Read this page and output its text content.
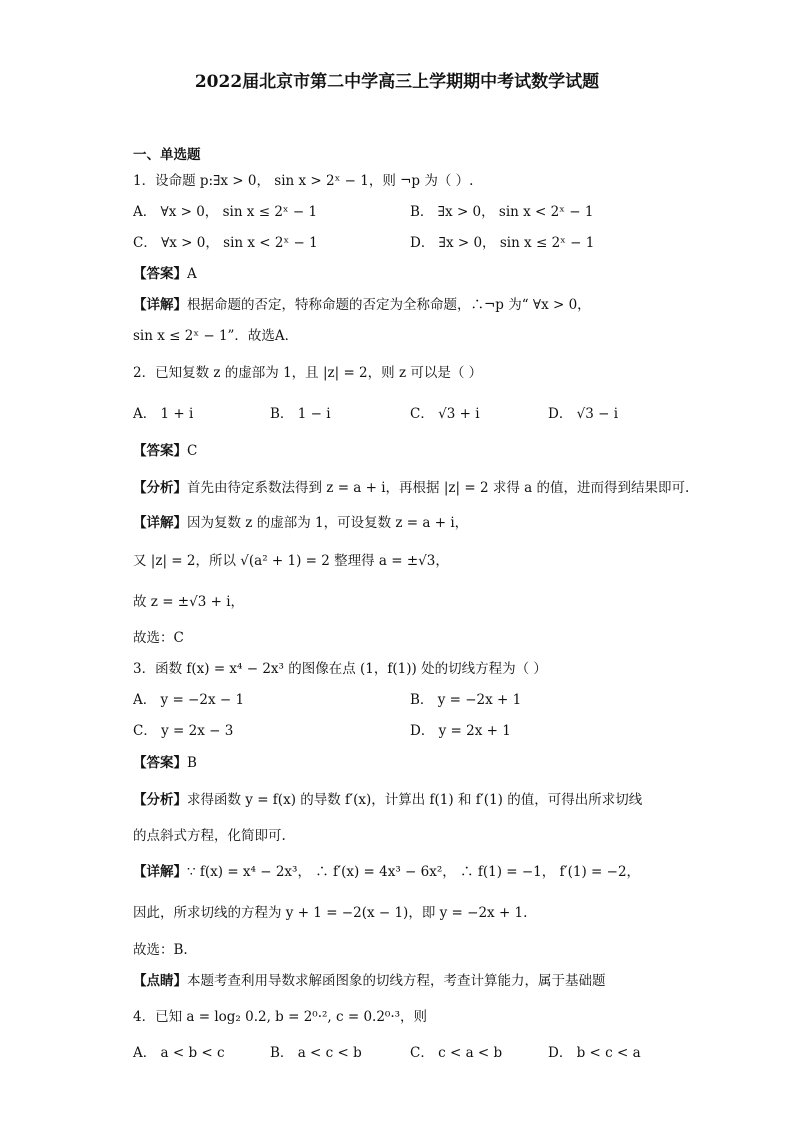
2022届北京市第二中学高三上学期期中考试数学试题
一、单选题
1．设命题 p:∃x > 0， sin x > 2ˣ − 1，则 ¬p 为（ ）.
A． ∀x > 0， sin x ≤ 2ˣ − 1	B． ∃x > 0， sin x < 2ˣ − 1
C． ∀x > 0， sin x < 2ˣ − 1	D． ∃x > 0， sin x ≤ 2ˣ − 1
【答案】A
【详解】根据命题的否定，特称命题的否定为全称命题，∴¬p 为“ ∀x > 0，
sin x ≤ 2ˣ − 1”．故选A．
2．已知复数 z 的虚部为 1，且 |z| = 2，则 z 可以是（ ）
A． 1 + i	B． 1 − i	C． √3 + i	D． √3 − i
【答案】C
【分析】首先由待定系数法得到 z = a + i，再根据 |z| = 2 求得 a 的值，进而得到结果即可.
【详解】因为复数 z 的虚部为 1，可设复数 z = a + i，
又 |z| = 2，所以 √(a² + 1) = 2 整理得 a = ±√3，
故 z = ±√3 + i，
故选：C
3．函数 f(x) = x⁴ − 2x³ 的图像在点 (1，f(1)) 处的切线方程为（ ）
A． y = −2x − 1	B． y = −2x + 1
C． y = 2x − 3	D． y = 2x + 1
【答案】B
【分析】求得函数 y = f(x) 的导数 f′(x)，计算出 f(1) 和 f′(1) 的值，可得出所求切线
的点斜式方程，化简即可.
【详解】∵ f(x) = x⁴ − 2x³， ∴ f′(x) = 4x³ − 6x²， ∴ f(1) = −1， f′(1) = −2，
因此，所求切线的方程为 y + 1 = −2(x − 1)，即 y = −2x + 1.
故选：B.
【点睛】本题考查利用导数求解函图象的切线方程，考查计算能力，属于基础题
4．已知 a = log₂ 0.2, b = 2⁰·², c = 0.2⁰·³，则
A． a < b < c	B． a < c < b	C． c < a < b	D． b < c < a
